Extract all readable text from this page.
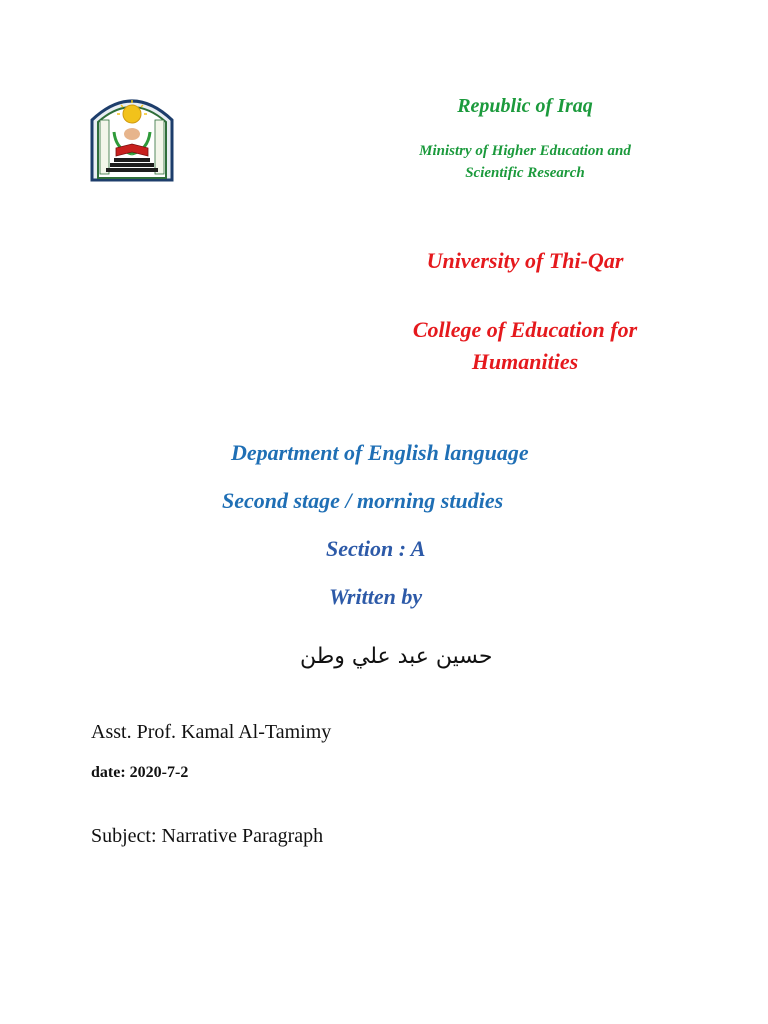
Republic of Iraq
Ministry of Higher Education and
Scientific Research
University of Thi-Qar
College of Education for
Humanities
Department of English language
Second stage / morning studies
Section : A
Written by
حسين عبد علي وطن
Asst. Prof. Kamal Al-Tamimy
date: 2020-7-2
Subject: Narrative Paragraph
